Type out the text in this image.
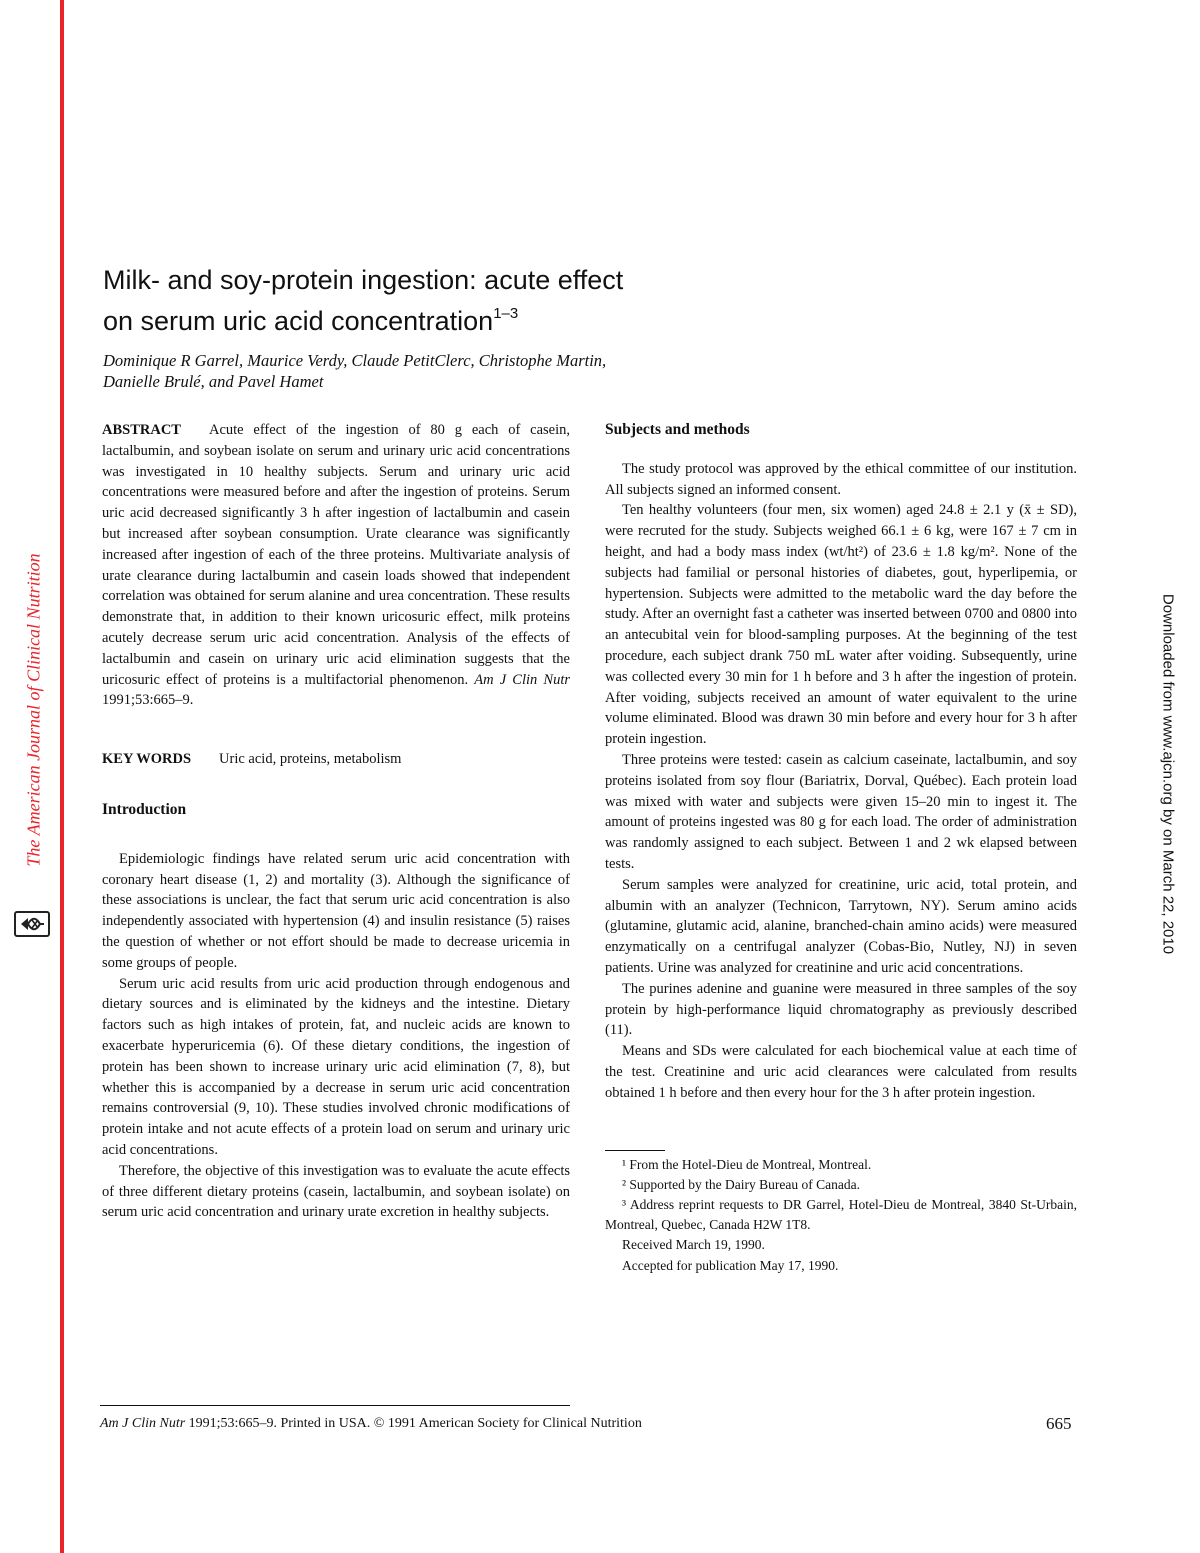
The American Journal of Clinical Nutrition	Downloaded from www.ajcn.org by on March 22, 2010
Milk- and soy-protein ingestion: acute effect
on serum uric acid concentration$^{1-3}$
Dominique R Garrel, Maurice Verdy, Claude PetitClerc, Christophe Martin,
Danielle Brulé, and Pavel Hamet

ABSTRACT Acute effect of the ingestion of 80 g each of casein, lactalbumin, and soybean isolate on serum and urinary uric acid concentrations was investigated in 10 healthy subjects. Serum and urinary uric acid concentrations were measured before and after the ingestion of proteins. Serum uric acid decreased significantly 3 h after ingestion of lactalbumin and casein but increased after soybean consumption. Urate clearance was significantly increased after ingestion of each of the three proteins. Multivariate analysis of urate clearance during lactalbumin and casein loads showed that independent correlation was obtained for serum alanine and urea concentration. These results demonstrate that, in addition to their known uricosuric effect, milk proteins acutely decrease serum uric acid concentration. Analysis of the effects of lactalbumin and casein on urinary uric acid elimination suggests that the uricosuric effect of proteins is a multifactorial phenomenon. Am J Clin Nutr 1991;53:665–9.

KEY WORDS Uric acid, proteins, metabolism

Introduction

Epidemiologic findings have related serum uric acid concentration with coronary heart disease (1, 2) and mortality (3). Although the significance of these associations is unclear, the fact that serum uric acid concentration is also independently associated with hypertension (4) and insulin resistance (5) raises the question of whether or not effort should be made to decrease uricemia in some groups of people.

Serum uric acid results from uric acid production through endogenous and dietary sources and is eliminated by the kidneys and the intestine. Dietary factors such as high intakes of protein, fat, and nucleic acids are known to exacerbate hyperuricemia (6). Of these dietary conditions, the ingestion of protein has been shown to increase urinary uric acid elimination (7, 8), but whether this is accompanied by a decrease in serum uric acid concentration remains controversial (9, 10). These studies involved chronic modifications of protein intake and not acute effects of a protein load on serum and urinary uric acid concentrations.

Therefore, the objective of this investigation was to evaluate the acute effects of three different dietary proteins (casein, lactalbumin, and soybean isolate) on serum uric acid concentration and urinary urate excretion in healthy subjects.

Subjects and methods

The study protocol was approved by the ethical committee of our institution. All subjects signed an informed consent.

Ten healthy volunteers (four men, six women) aged 24.8 ± 2.1 y (x̄ ± SD), were recruted for the study. Subjects weighed 66.1 ± 6 kg, were 167 ± 7 cm in height, and had a body mass index (wt/ht²) of 23.6 ± 1.8 kg/m². None of the subjects had familial or personal histories of diabetes, gout, hyperlipemia, or hypertension. Subjects were admitted to the metabolic ward the day before the study. After an overnight fast a catheter was inserted between 0700 and 0800 into an antecubital vein for blood-sampling purposes. At the beginning of the test procedure, each subject drank 750 mL water after voiding. Subsequently, urine was collected every 30 min for 1 h before and 3 h after the ingestion of protein. After voiding, subjects received an amount of water equivalent to the urine volume eliminated. Blood was drawn 30 min before and every hour for 3 h after protein ingestion.

Three proteins were tested: casein as calcium caseinate, lactalbumin, and soy proteins isolated from soy flour (Bariatrix, Dorval, Québec). Each protein load was mixed with water and subjects were given 15–20 min to ingest it. The amount of proteins ingested was 80 g for each load. The order of administration was randomly assigned to each subject. Between 1 and 2 wk elapsed between tests.

Serum samples were analyzed for creatinine, uric acid, total protein, and albumin with an analyzer (Technicon, Tarrytown, NY). Serum amino acids (glutamine, glutamic acid, alanine, branched-chain amino acids) were measured enzymatically on a centrifugal analyzer (Cobas-Bio, Nutley, NJ) in seven patients. Urine was analyzed for creatinine and uric acid concentrations.

The purines adenine and guanine were measured in three samples of the soy protein by high-performance liquid chromatography as previously described (11).

Means and SDs were calculated for each biochemical value at each time of the test. Creatinine and uric acid clearances were calculated from results obtained 1 h before and then every hour for the 3 h after protein ingestion.

¹ From the Hotel-Dieu de Montreal, Montreal.

² Supported by the Dairy Bureau of Canada.

³ Address reprint requests to DR Garrel, Hotel-Dieu de Montreal, 3840 St-Urbain, Montreal, Quebec, Canada H2W 1T8.

Received March 19, 1990.

Accepted for publication May 17, 1990.

Am J Clin Nutr 1991;53:665–9. Printed in USA. © 1991 American Society for Clinical Nutrition	665
